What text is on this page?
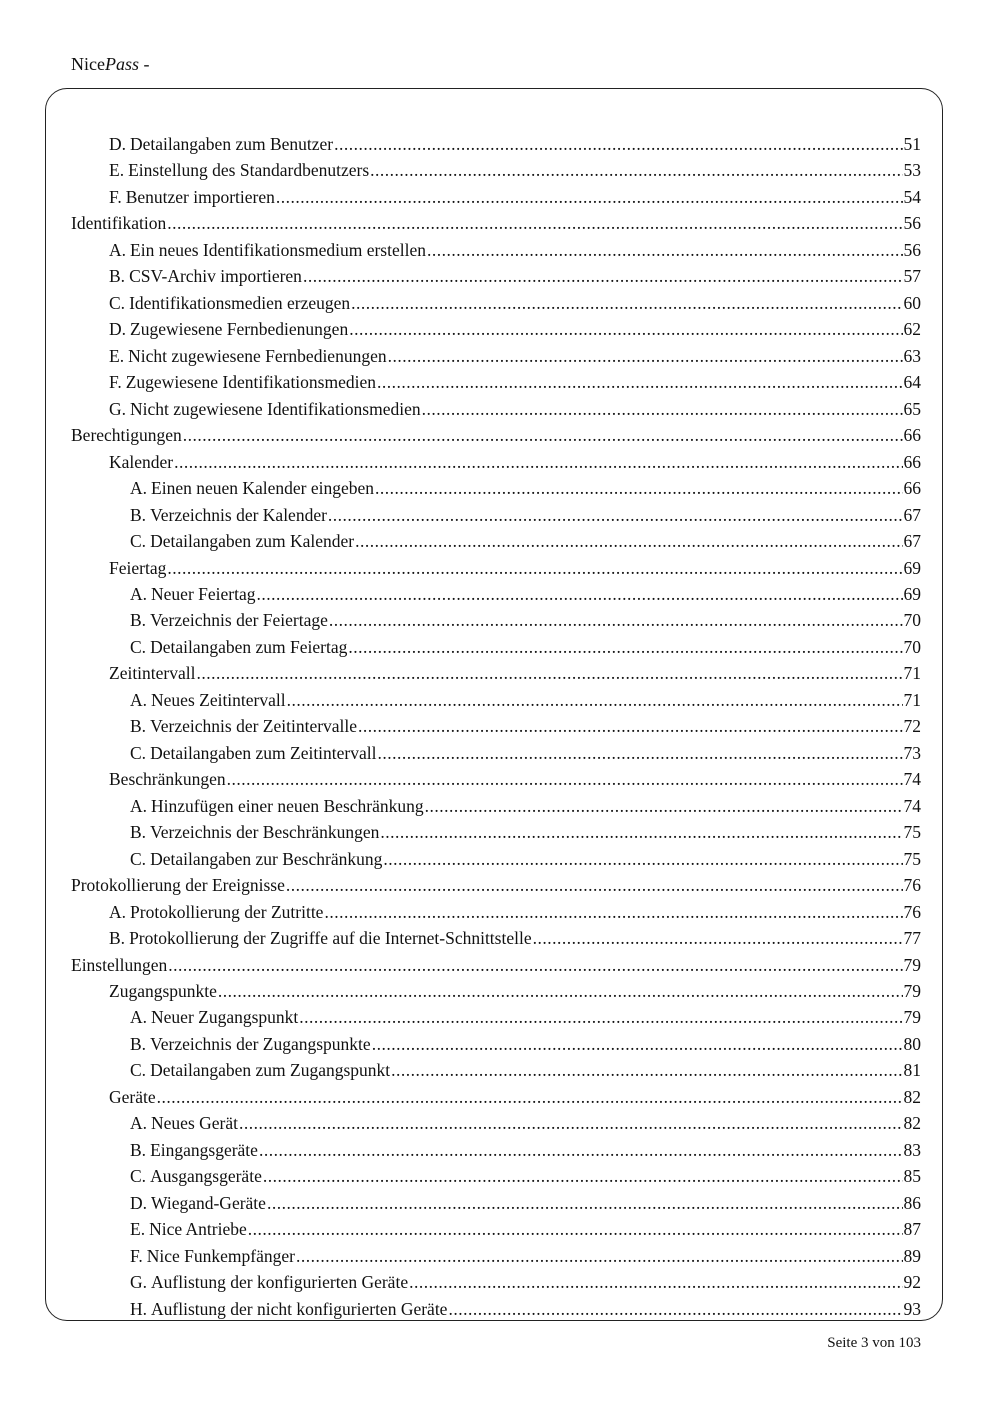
NicePass -
D. Detailangaben zum Benutzer .....	51
E. Einstellung des Standardbenutzers .....	53
F. Benutzer importieren .....	54
Identifikation .....	56
A. Ein neues Identifikationsmedium erstellen .....	56
B. CSV-Archiv importieren .....	57
C. Identifikationsmedien erzeugen .....	60
D. Zugewiesene Fernbedienungen .....	62
E. Nicht zugewiesene Fernbedienungen .....	63
F. Zugewiesene Identifikationsmedien .....	64
G. Nicht zugewiesene Identifikationsmedien .....	65
Berechtigungen .....	66
Kalender .....	66
A. Einen neuen Kalender eingeben .....	66
B. Verzeichnis der Kalender .....	67
C. Detailangaben zum Kalender .....	67
Feiertag .....	69
A. Neuer Feiertag .....	69
B. Verzeichnis der Feiertage .....	70
C. Detailangaben zum Feiertag .....	70
Zeitintervall .....	71
A. Neues Zeitintervall .....	71
B. Verzeichnis der Zeitintervalle .....	72
C. Detailangaben zum Zeitintervall .....	73
Beschränkungen .....	74
A. Hinzufügen einer neuen Beschränkung .....	74
B. Verzeichnis der Beschränkungen .....	75
C. Detailangaben zur Beschränkung .....	75
Protokollierung der Ereignisse .....	76
A. Protokollierung der Zutritte .....	76
B. Protokollierung der Zugriffe auf die Internet-Schnittstelle .....	77
Einstellungen .....	79
Zugangspunkte .....	79
A. Neuer Zugangspunkt .....	79
B. Verzeichnis der Zugangspunkte .....	80
C. Detailangaben zum Zugangspunkt .....	81
Geräte .....	82
A. Neues Gerät .....	82
B. Eingangsgeräte .....	83
C. Ausgangsgeräte .....	85
D. Wiegand-Geräte .....	86
E. Nice Antriebe .....	87
F. Nice Funkempfänger .....	89
G. Auflistung der konfigurierten Geräte .....	92
H. Auflistung der nicht konfigurierten Geräte .....	93
Seite 3 von 103
